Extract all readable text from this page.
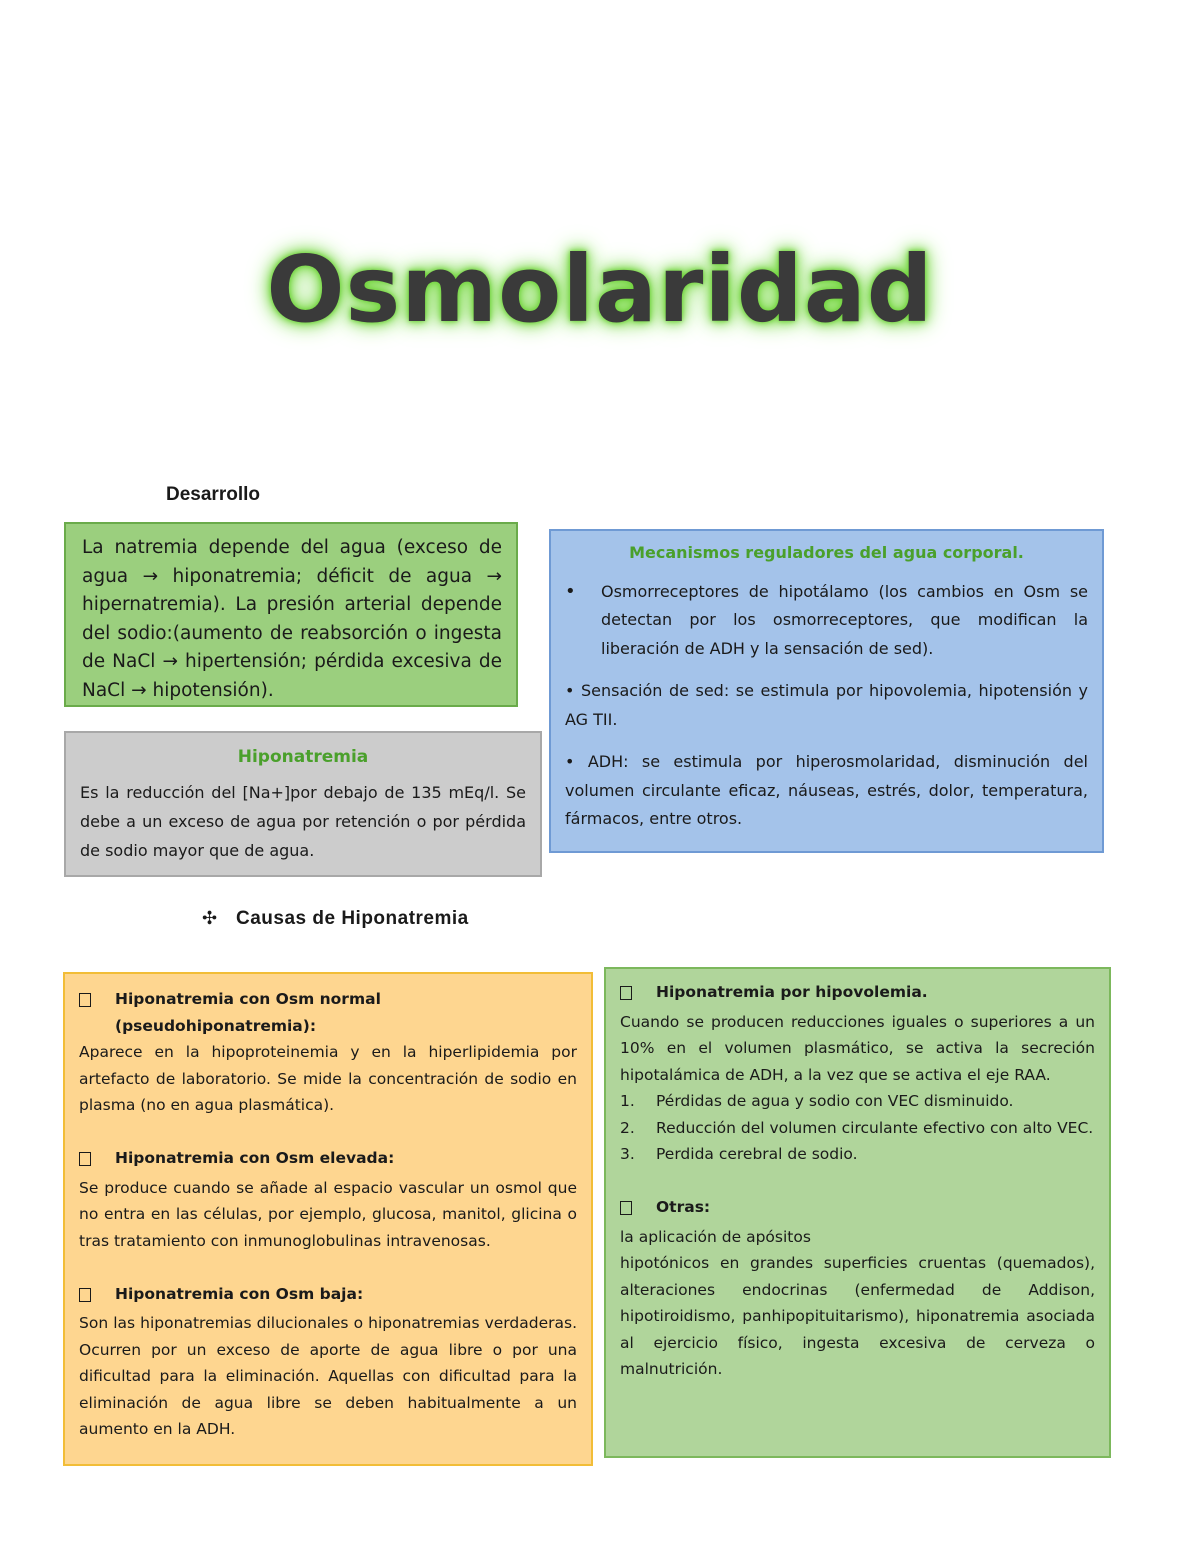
Osmolaridad
Desarrollo
La natremia depende del agua (exceso de agua → hiponatremia; déficit de agua → hipernatremia). La presión arterial depende del sodio:(aumento de reabsorción o ingesta de NaCl → hipertensión; pérdida excesiva de NaCl → hipotensión).
Hiponatremia
Es la reducción del [Na+]por debajo de 135 mEq/l. Se debe a un exceso de agua por retención o por pérdida de sodio mayor que de agua.
Mecanismos reguladores del agua corporal.
•	Osmorreceptores de hipotálamo (los cambios en Osm se detectan por los osmorreceptores, que modifican la liberación de ADH y la sensación de sed).

• Sensación de sed: se estimula por hipovolemia, hipotensión y AG TII.

• ADH: se estimula por hiperosmolaridad, disminución del volumen circulante eficaz, náuseas, estrés, dolor, temperatura, fármacos, entre otros.

✣ Causas de Hiponatremia
Hiponatremia con Osm normal
(pseudohiponatremia):
Aparece en la hipoproteinemia y en la hiperlipidemia por artefacto de laboratorio. Se mide la concentración de sodio en plasma (no en agua plasmática).
Hiponatremia con Osm elevada:
Se produce cuando se añade al espacio vascular un osmol que no entra en las células, por ejemplo, glucosa, manitol, glicina o tras tratamiento con inmunoglobulinas intravenosas.
Hiponatremia con Osm baja:
Son las hiponatremias dilucionales o hiponatremias verdaderas. Ocurren por un exceso de aporte de agua libre o por una dificultad para la eliminación. Aquellas con dificultad para la eliminación de agua libre se deben habitualmente a un aumento en la ADH.
Hiponatremia por hipovolemia.
Cuando se producen reducciones iguales o superiores a un 10% en el volumen plasmático, se activa la secreción hipotalámica de ADH, a la vez que se activa el eje RAA.
1.	Pérdidas de agua y sodio con VEC disminuido.
2.	Reducción del volumen circulante efectivo con alto VEC.
3.	Perdida cerebral de sodio.
Otras:
la aplicación de apósitos
hipotónicos en grandes superficies cruentas (quemados), alteraciones endocrinas (enfermedad de Addison, hipotiroidismo, panhipopituitarismo), hiponatremia asociada al ejercicio físico, ingesta excesiva de cerveza o malnutrición.
